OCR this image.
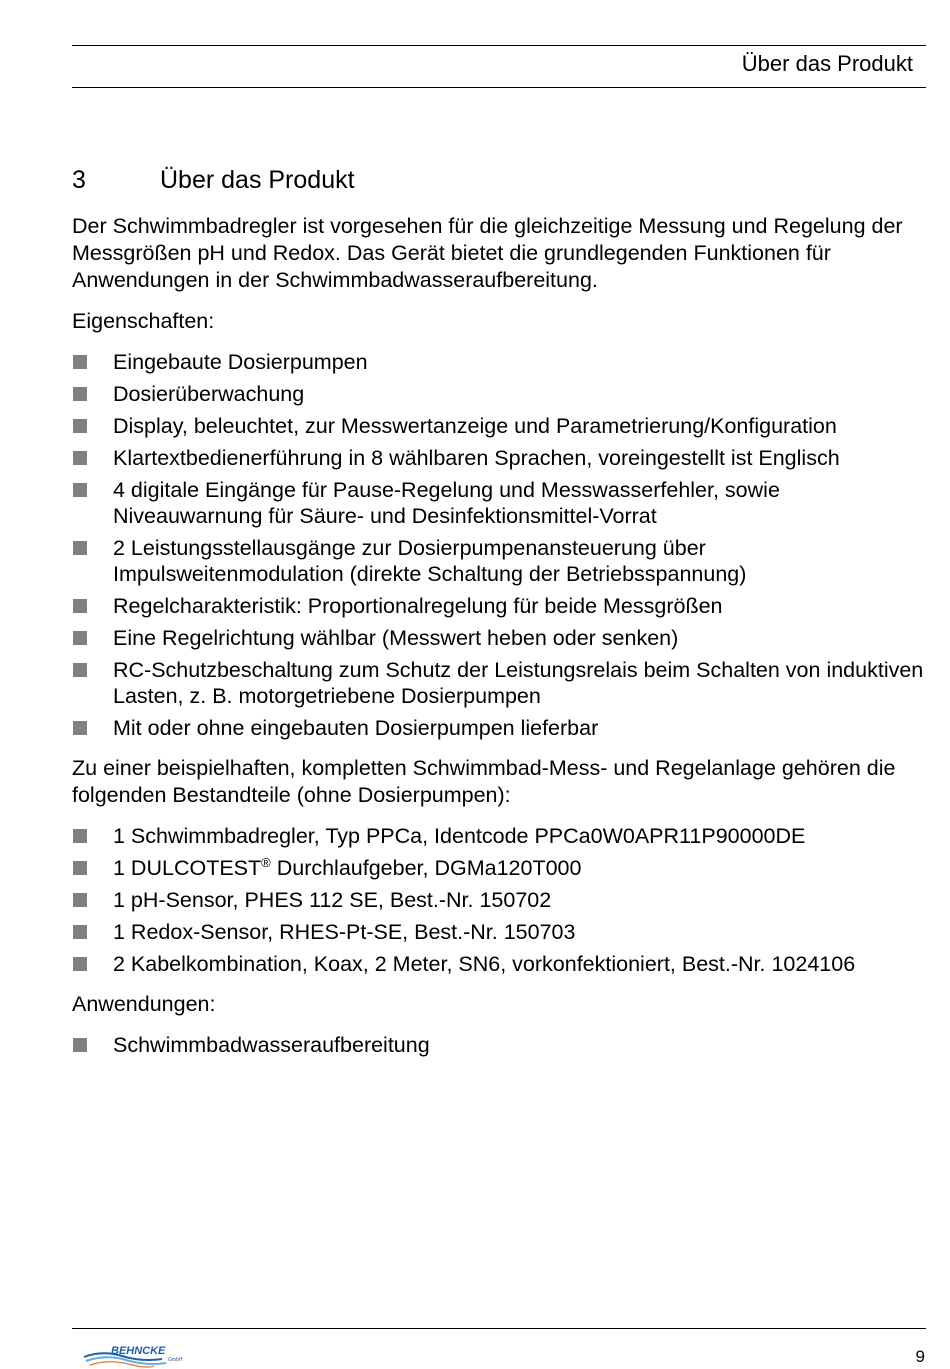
Über das Produkt
3	Über das Produkt

Der Schwimmbadregler ist vorgesehen für die gleichzeitige Messung und Regelung der Messgrößen pH und Redox. Das Gerät bietet die grundlegenden Funktionen für Anwendungen in der Schwimmbadwasseraufbereitung.

Eigenschaften:

Eingebaute Dosierpumpen
Dosierüberwachung
Display, beleuchtet, zur Messwertanzeige und Parametrierung/Konfiguration
Klartextbedienerführung in 8 wählbaren Sprachen, voreingestellt ist Englisch
4 digitale Eingänge für Pause-Regelung und Messwasserfehler, sowie Niveauwarnung für Säure- und Desinfektionsmittel-Vorrat
2 Leistungsstellausgänge zur Dosierpumpenansteuerung über Impulsweitenmodulation (direkte Schaltung der Betriebsspannung)
Regelcharakteristik: Proportionalregelung für beide Messgrößen
Eine Regelrichtung wählbar (Messwert heben oder senken)
RC-Schutzbeschaltung zum Schutz der Leistungsrelais beim Schalten von induktiven Lasten, z. B. motorgetriebene Dosierpumpen
Mit oder ohne eingebauten Dosierpumpen lieferbar

Zu einer beispielhaften, kompletten Schwimmbad-Mess- und Regelanlage gehören die folgenden Bestandteile (ohne Dosierpumpen):

1 Schwimmbadregler, Typ PPCa, Identcode PPCa0W0APR11P90000DE
1 DULCOTEST® Durchlaufgeber, DGMa120T000
1 pH-Sensor, PHES 112 SE, Best.-Nr. 150702
1 Redox-Sensor, RHES-Pt-SE, Best.-Nr. 150703
2 Kabelkombination, Koax, 2 Meter, SN6, vorkonfektioniert, Best.-Nr. 1024106

Anwendungen:

Schwimmbadwasseraufbereitung
BEHNCKE
GmbH	9
